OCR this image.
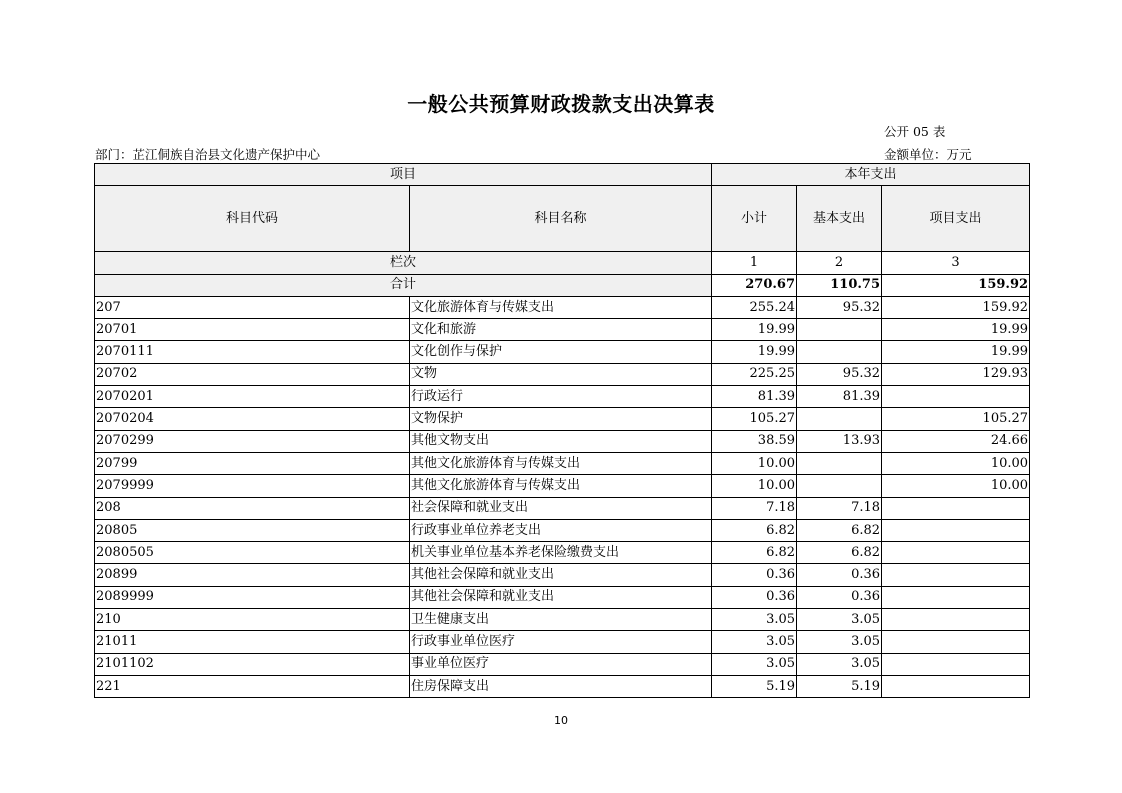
一般公共预算财政拨款支出决算表
公开 05 表
部门：芷江侗族自治县文化遗产保护中心	金额单位：万元
项目		本年支出		
科目代码	科目名称	小计	基本支出	项目支出
栏次		1	2	3
合计		270.67	110.75	159.92
207	文化旅游体育与传媒支出	255.24	95.32	159.92
20701	文化和旅游	19.99		19.99
2070111	文化创作与保护	19.99		19.99
20702	文物	225.25	95.32	129.93
2070201	行政运行	81.39	81.39	
2070204	文物保护	105.27		105.27
2070299	其他文物支出	38.59	13.93	24.66
20799	其他文化旅游体育与传媒支出	10.00		10.00
2079999	其他文化旅游体育与传媒支出	10.00		10.00
208	社会保障和就业支出	7.18	7.18	
20805	行政事业单位养老支出	6.82	6.82	
2080505	机关事业单位基本养老保险缴费支出	6.82	6.82	
20899	其他社会保障和就业支出	0.36	0.36	
2089999	其他社会保障和就业支出	0.36	0.36	
210	卫生健康支出	3.05	3.05	
21011	行政事业单位医疗	3.05	3.05	
2101102	事业单位医疗	3.05	3.05	
221	住房保障支出	5.19	5.19	
10
